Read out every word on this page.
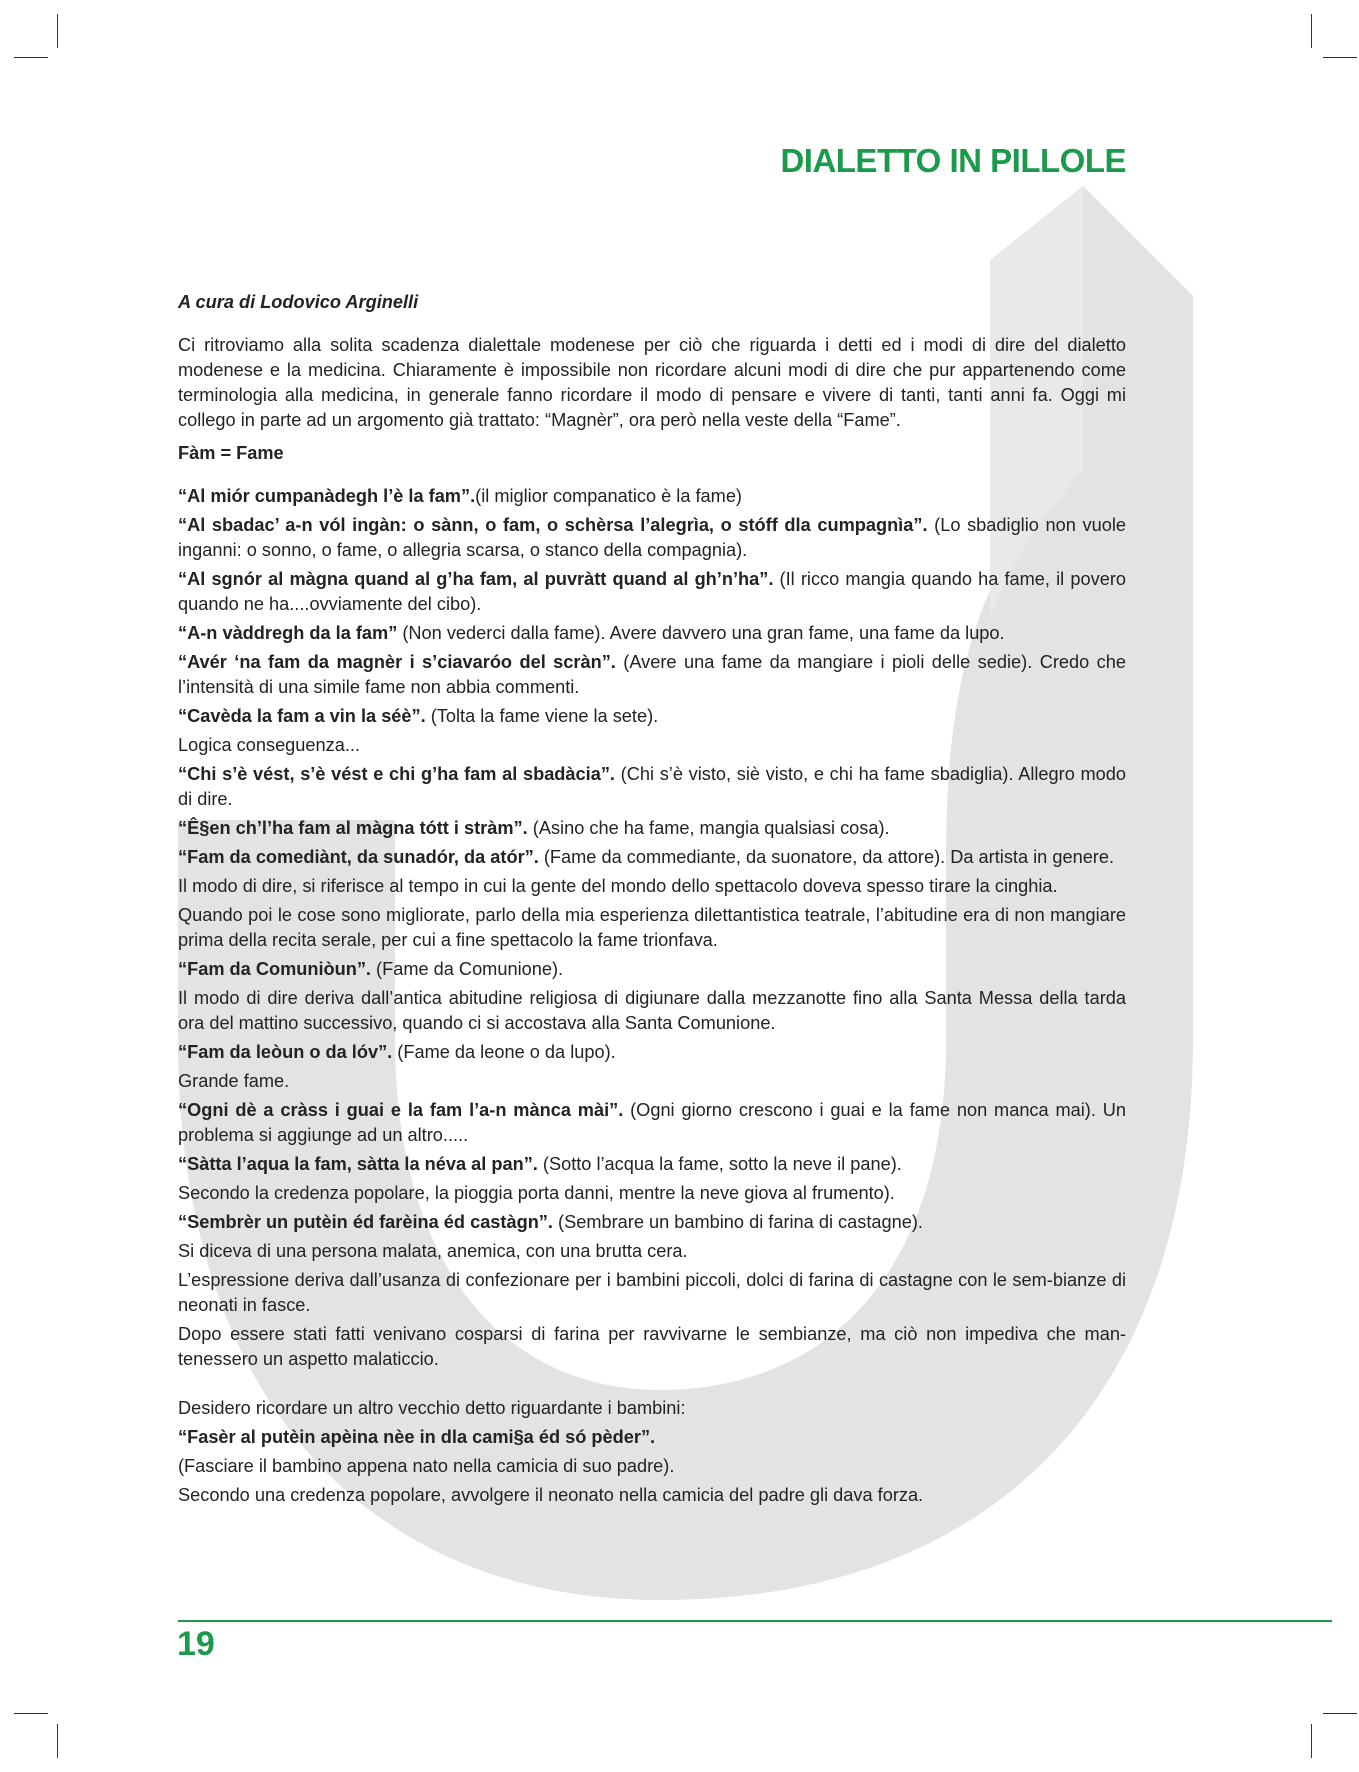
DIALETTO IN PILLOLE

A cura di Lodovico Arginelli

Ci ritroviamo alla solita scadenza dialettale modenese per ciò che riguarda i detti ed i modi di dire del dialetto modenese e la medicina. Chiaramente è impossibile non ricordare alcuni modi di dire che pur appartenendo come terminologia alla medicina, in generale fanno ricordare il modo di pensare e vivere di tanti, tanti anni fa. Oggi mi collego in parte ad un argomento già trattato: “Magnèr”, ora però nella veste della “Fame”.

Fàm = Fame

“Al miór cumpanàdegh l’è la fam”.(il miglior companatico è la fame)

“Al sbadac’ a-n vól ingàn: o sànn, o fam, o schèrsa l’alegrìa, o stóff dla cumpagnìa”. (Lo sbadiglio non vuole inganni: o sonno, o fame, o allegria scarsa, o stanco della compagnia).

“Al sgnór al màgna quand al g’ha fam, al puvràtt quand al gh’n’ha”. (Il ricco mangia quando ha fame, il povero quando ne ha....ovviamente del cibo).

“A-n vàddregh da la fam” (Non vederci dalla fame). Avere davvero una gran fame, una fame da lupo.

“Avér ‘na fam da magnèr i s’ciavaróo del scràn”. (Avere una fame da mangiare i pioli delle sedie). Credo che l’intensità di una simile fame non abbia commenti.

“Cavèda la fam a vin la séè”. (Tolta la fame viene la sete).

Logica conseguenza...

“Chi s’è vést, s’è vést e chi g’ha fam al sbadàcia”. (Chi s’è visto, siè visto, e chi ha fame sbadiglia). Allegro modo di dire.

“Ê§en ch’l’ha fam al màgna tótt i stràm”. (Asino che ha fame, mangia qualsiasi cosa).

“Fam da comediànt, da sunadór, da atór”. (Fame da commediante, da suonatore, da attore). Da artista in genere.

Il modo di dire, si riferisce al tempo in cui la gente del mondo dello spettacolo doveva spesso tirare la cinghia.

Quando poi le cose sono migliorate, parlo della mia esperienza dilettantistica teatrale, l’abitudine era di non mangiare prima della recita serale, per cui a fine spettacolo la fame trionfava.

“Fam da Comuniòun”. (Fame da Comunione).

Il modo di dire deriva dall’antica abitudine religiosa di digiunare dalla mezzanotte fino alla Santa Messa della tarda ora del mattino successivo, quando ci si accostava alla Santa Comunione.

“Fam da leòun o da lóv”. (Fame da leone o da lupo).

Grande fame.

“Ogni dè a cràss i guai e la fam l’a-n mànca mài”. (Ogni giorno crescono i guai e la fame non manca mai). Un problema si aggiunge ad un altro.....

“Sàtta l’aqua la fam, sàtta la néva al pan”. (Sotto l’acqua la fame, sotto la neve il pane).

Secondo la credenza popolare, la pioggia porta danni, mentre la neve giova al frumento).

“Sembrèr un putèin éd farèina éd castàgn”. (Sembrare un bambino di farina di castagne).

Si diceva di una persona malata, anemica, con una brutta cera.

L’espressione deriva dall’usanza di confezionare per i bambini piccoli, dolci di farina di castagne con le sem-bianze di neonati in fasce.

Dopo essere stati fatti venivano cosparsi di farina per ravvivarne le sembianze, ma ciò non impediva che man-tenessero un aspetto malaticcio.

Desidero ricordare un altro vecchio detto riguardante i bambini:

“Fasèr al putèin apèina nèe in dla cami§a éd só pèder”.

(Fasciare il bambino appena nato nella camicia di suo padre).

Secondo una credenza popolare, avvolgere il neonato nella camicia del padre gli dava forza.

19
